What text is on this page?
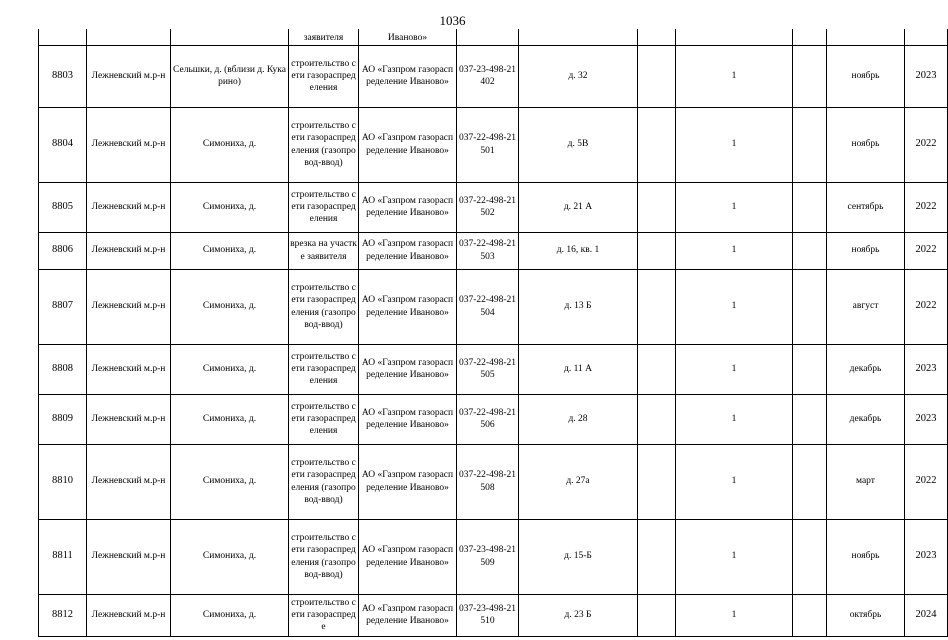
1036
			заявителя	Иваново»							
8803	Лежневский м.р-н	Сельшки, д. (вблизи д. Кукарино)	строительство сети газораспределения	АО «Газпром газораспределение Иваново»	037-23-498-21402	д. 32		1		ноябрь	2023
8804	Лежневский м.р-н	Симониха, д.	строительство сети газораспределения (газопровод-ввод)	АО «Газпром газораспределение Иваново»	037-22-498-21501	д. 5В		1		ноябрь	2022
8805	Лежневский м.р-н	Симониха, д.	строительство сети газораспределения	АО «Газпром газораспределение Иваново»	037-22-498-21502	д. 21 А		1		сентябрь	2022
8806	Лежневский м.р-н	Симониха, д.	врезка на участке заявителя	АО «Газпром газораспределение Иваново»	037-22-498-21503	д. 16, кв. 1		1		ноябрь	2022
8807	Лежневский м.р-н	Симониха, д.	строительство сети газораспределения (газопровод-ввод)	АО «Газпром газораспределение Иваново»	037-22-498-21504	д. 13 Б		1		август	2022
8808	Лежневский м.р-н	Симониха, д.	строительство сети газораспределения	АО «Газпром газораспределение Иваново»	037-22-498-21505	д. 11 А		1		декабрь	2023
8809	Лежневский м.р-н	Симониха, д.	строительство сети газораспределения	АО «Газпром газораспределение Иваново»	037-22-498-21506	д. 28		1		декабрь	2023
8810	Лежневский м.р-н	Симониха, д.	строительство сети газораспределения (газопровод-ввод)	АО «Газпром газораспределение Иваново»	037-22-498-21508	д. 27а		1		март	2022
8811	Лежневский м.р-н	Симониха, д.	строительство сети газораспределения (газопровод-ввод)	АО «Газпром газораспределение Иваново»	037-23-498-21509	д. 15-Б		1		ноябрь	2023
8812	Лежневский м.р-н	Симониха, д.	строительство сети газораспреде	АО «Газпром газораспределение Иваново»	037-23-498-21510	д. 23 Б		1		октябрь	2024
